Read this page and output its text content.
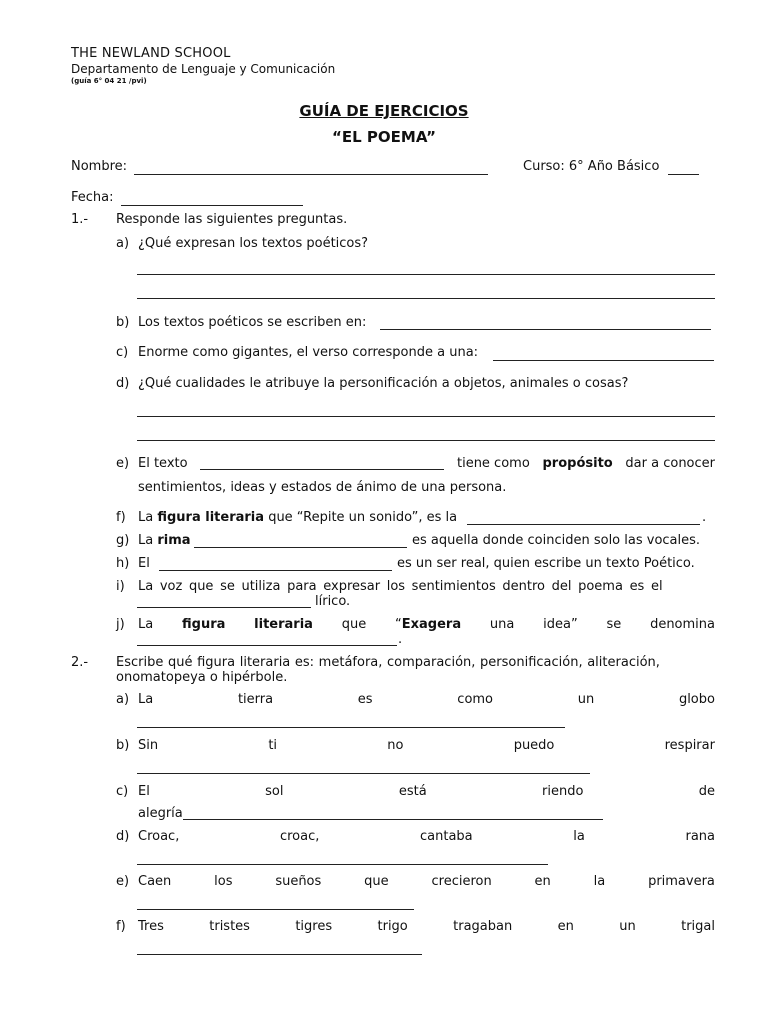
THE NEWLAND SCHOOL
Departamento de Lenguaje y Comunicación
(guía 6° 04 21 /pvi)
GUÍA DE EJERCICIOS
“EL POEMA”
Nombre:	Curso: 6° Año Básico
Fecha:
1.- Responde las siguientes preguntas.
a) ¿Qué expresan los textos poéticos?
b) Los textos poéticos se escriben en:
c) Enorme como gigantes, el verso corresponde a una:
d) ¿Qué cualidades le atribuye la personificación a objetos, animales o cosas?
e) El texto	tiene como propósito dar a conocer
sentimientos, ideas y estados de ánimo de una persona.
f) La figura literaria que “Repite un sonido”, es la	.
g) La rima	es aquella donde coinciden solo las vocales.
h) El	es un ser real, quien escribe un texto Poético.
i) La voz que se utiliza para expresar los sentimientos dentro del poema es el
lírico.
j) La figura literaria que “Exagera una idea” se denomina
.
2.- Escribe qué figura literaria es: metáfora, comparación, personificación, aliteración,
onomatopeya o hipérbole.
a) La	tierra	es	como	un	globo
b) Sin	ti	no	puedo	respirar
c) El	sol	está	riendo	de
alegría
d) Croac,	croac,	cantaba	la	rana
e) Caen	los	sueños	que	crecieron	en	la	primavera
f) Tres	tristes	tigres	trigo	tragaban	en	un	trigal
